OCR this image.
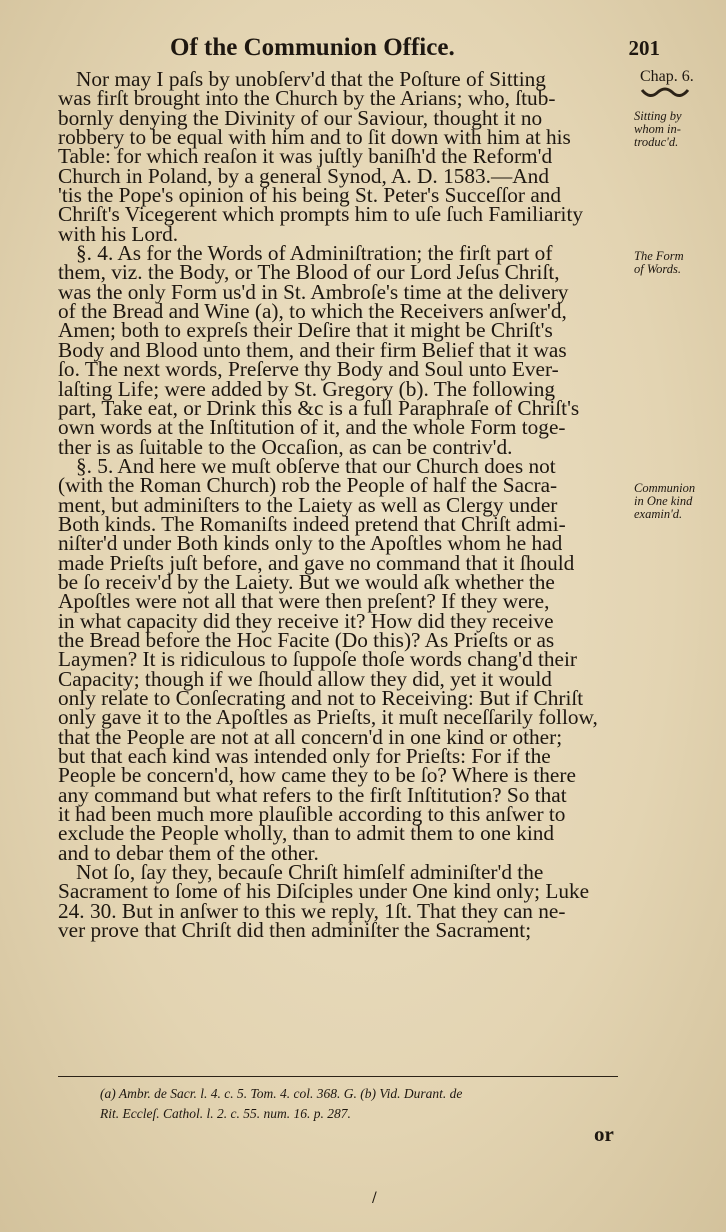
Of the Communion Office.	201
Chap. 6.
Sitting by
whom in-
troduc'd.
The Form
of Words.
Communion
in One kind
examin'd.
Nor may I paſs by unobſerv'd that the Poſture of Sitting
was firſt brought into the Church by the Arians; who, ſtub-
bornly denying the Divinity of our Saviour, thought it no
robbery to be equal with him and to ſit down with him at his
Table: for which reaſon it was juſtly baniſh'd the Reform'd
Church in Poland, by a general Synod, A. D. 1583.—And
'tis the Pope's opinion of his being St. Peter's Succeſſor and
Chriſt's Vicegerent which prompts him to uſe ſuch Familiarity
with his Lord.
§. 4. As for the Words of Adminiſtration; the firſt part of
them, viz. the Body, or The Blood of our Lord Jeſus Chriſt,
was the only Form us'd in St. Ambroſe's time at the delivery
of the Bread and Wine (a), to which the Receivers anſwer'd,
Amen; both to expreſs their Deſire that it might be Chriſt's
Body and Blood unto them, and their firm Belief that it was
ſo. The next words, Preſerve thy Body and Soul unto Ever-
laſting Life; were added by St. Gregory (b). The following
part, Take eat, or Drink this &c is a full Paraphraſe of Chriſt's
own words at the Inſtitution of it, and the whole Form toge-
ther is as ſuitable to the Occaſion, as can be contriv'd.
§. 5. And here we muſt obſerve that our Church does not
(with the Roman Church) rob the People of half the Sacra-
ment, but adminiſters to the Laiety as well as Clergy under
Both kinds. The Romaniſts indeed pretend that Chriſt admi-
niſter'd under Both kinds only to the Apoſtles whom he had
made Prieſts juſt before, and gave no command that it ſhould
be ſo receiv'd by the Laiety. But we would aſk whether the
Apoſtles were not all that were then preſent? If they were,
in what capacity did they receive it? How did they receive
the Bread before the Hoc Facite (Do this)? As Prieſts or as
Laymen? It is ridiculous to ſuppoſe thoſe words chang'd their
Capacity; though if we ſhould allow they did, yet it would
only relate to Conſecrating and not to Receiving: But if Chriſt
only gave it to the Apoſtles as Prieſts, it muſt neceſſarily follow,
that the People are not at all concern'd in one kind or other;
but that each kind was intended only for Prieſts: For if the
People be concern'd, how came they to be ſo? Where is there
any command but what refers to the firſt Inſtitution? So that
it had been much more plauſible according to this anſwer to
exclude the People wholly, than to admit them to one kind
and to debar them of the other.
Not ſo, ſay they, becauſe Chriſt himſelf adminiſter'd the
Sacrament to ſome of his Diſciples under One kind only; Luke
24. 30. But in anſwer to this we reply, 1ſt. That they can ne-
ver prove that Chriſt did then adminiſter the Sacrament;
(a) Ambr. de Sacr. l. 4. c. 5. Tom. 4. col. 368. G. (b) Vid. Durant. de
Rit. Eccleſ. Cathol. l. 2. c. 55. num. 16. p. 287.
or
/
